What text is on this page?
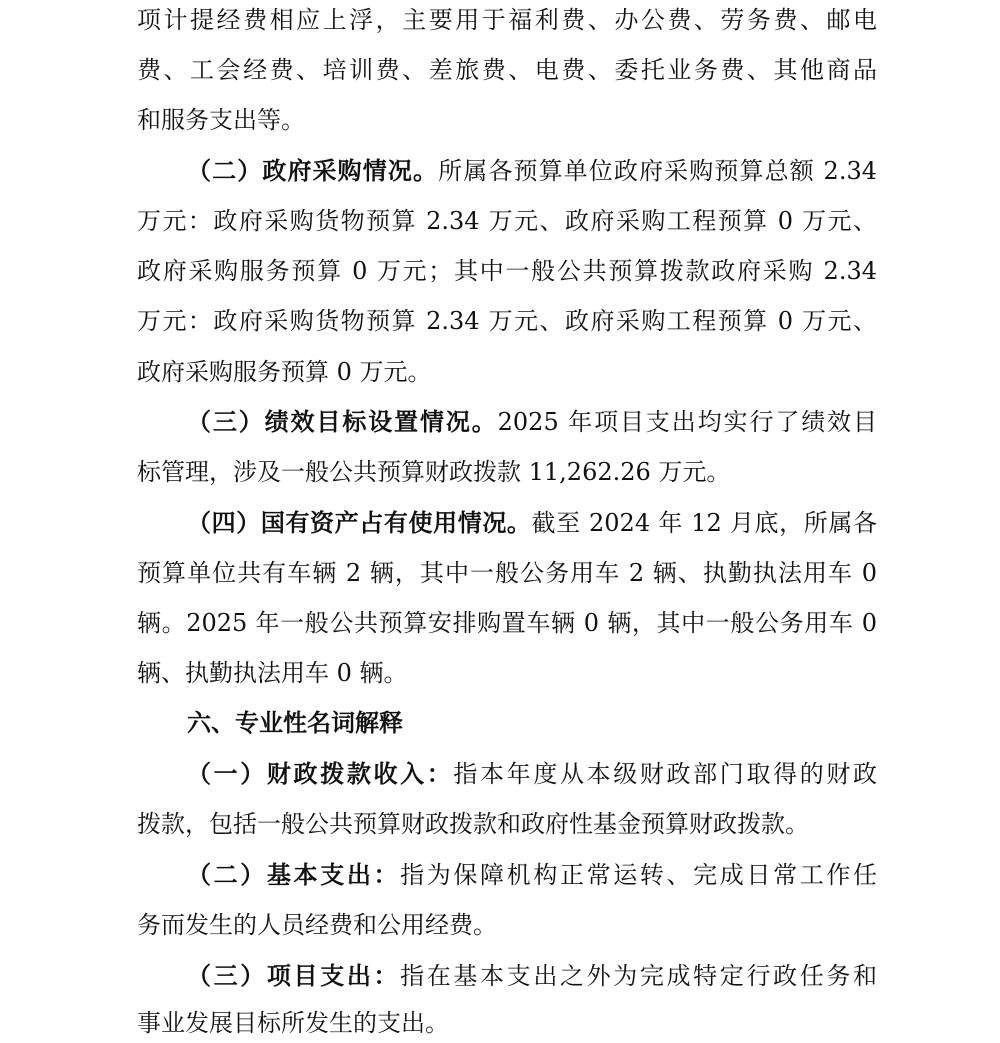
项计提经费相应上浮，主要用于福利费、办公费、劳务费、邮电
费、工会经费、培训费、差旅费、电费、委托业务费、其他商品
和服务支出等。
（二）政府采购情况。所属各预算单位政府采购预算总额 2.34
万元：政府采购货物预算 2.34 万元、政府采购工程预算 0 万元、
政府采购服务预算 0 万元；其中一般公共预算拨款政府采购 2.34
万元：政府采购货物预算 2.34 万元、政府采购工程预算 0 万元、
政府采购服务预算 0 万元。
（三）绩效目标设置情况。2025 年项目支出均实行了绩效目
标管理，涉及一般公共预算财政拨款 11,262.26 万元。
（四）国有资产占有使用情况。截至 2024 年 12 月底，所属各
预算单位共有车辆 2 辆，其中一般公务用车 2 辆、执勤执法用车 0
辆。2025 年一般公共预算安排购置车辆 0 辆，其中一般公务用车 0
辆、执勤执法用车 0 辆。
六、专业性名词解释
（一）财政拨款收入：指本年度从本级财政部门取得的财政
拨款，包括一般公共预算财政拨款和政府性基金预算财政拨款。
（二）基本支出：指为保障机构正常运转、完成日常工作任
务而发生的人员经费和公用经费。
（三）项目支出：指在基本支出之外为完成特定行政任务和
事业发展目标所发生的支出。
